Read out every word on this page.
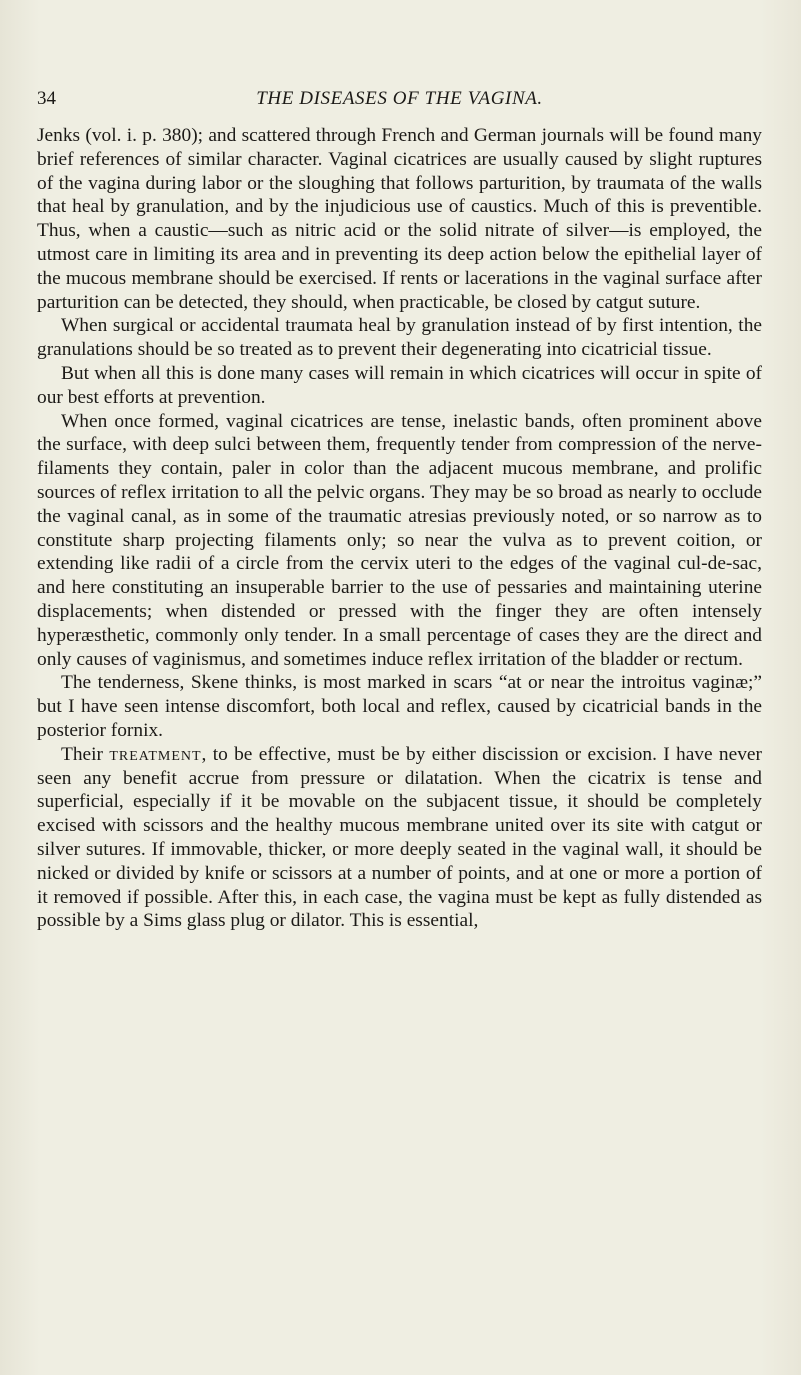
34	THE DISEASES OF THE VAGINA.

Jenks (vol. i. p. 380); and scattered through French and German journals will be found many brief references of similar character. Vaginal cicatrices are usually caused by slight ruptures of the vagina during labor or the sloughing that follows parturition, by traumata of the walls that heal by granulation, and by the injudicious use of caustics. Much of this is preventible. Thus, when a caustic—such as nitric acid or the solid nitrate of silver—is employed, the utmost care in limiting its area and in preventing its deep action below the epithelial layer of the mucous membrane should be exercised. If rents or lacerations in the vaginal surface after parturition can be detected, they should, when practicable, be closed by catgut suture.

When surgical or accidental traumata heal by granulation instead of by first intention, the granulations should be so treated as to prevent their degenerating into cicatricial tissue.

But when all this is done many cases will remain in which cicatrices will occur in spite of our best efforts at prevention.

When once formed, vaginal cicatrices are tense, inelastic bands, often prominent above the surface, with deep sulci between them, frequently tender from compression of the nerve-filaments they contain, paler in color than the adjacent mucous membrane, and prolific sources of reflex irritation to all the pelvic organs. They may be so broad as nearly to occlude the vaginal canal, as in some of the traumatic atresias previously noted, or so narrow as to constitute sharp projecting filaments only; so near the vulva as to prevent coition, or extending like radii of a circle from the cervix uteri to the edges of the vaginal cul-de-sac, and here constituting an insuperable barrier to the use of pessaries and maintaining uterine displacements; when distended or pressed with the finger they are often intensely hyperæsthetic, commonly only tender. In a small percentage of cases they are the direct and only causes of vaginismus, and sometimes induce reflex irritation of the bladder or rectum.

The tenderness, Skene thinks, is most marked in scars “at or near the introitus vaginæ;” but I have seen intense discomfort, both local and reflex, caused by cicatricial bands in the posterior fornix.

Their treatment, to be effective, must be by either discission or excision. I have never seen any benefit accrue from pressure or dilatation. When the cicatrix is tense and superficial, especially if it be movable on the subjacent tissue, it should be completely excised with scissors and the healthy mucous membrane united over its site with catgut or silver sutures. If immovable, thicker, or more deeply seated in the vaginal wall, it should be nicked or divided by knife or scissors at a number of points, and at one or more a portion of it removed if possible. After this, in each case, the vagina must be kept as fully distended as possible by a Sims glass plug or dilator. This is essential,
